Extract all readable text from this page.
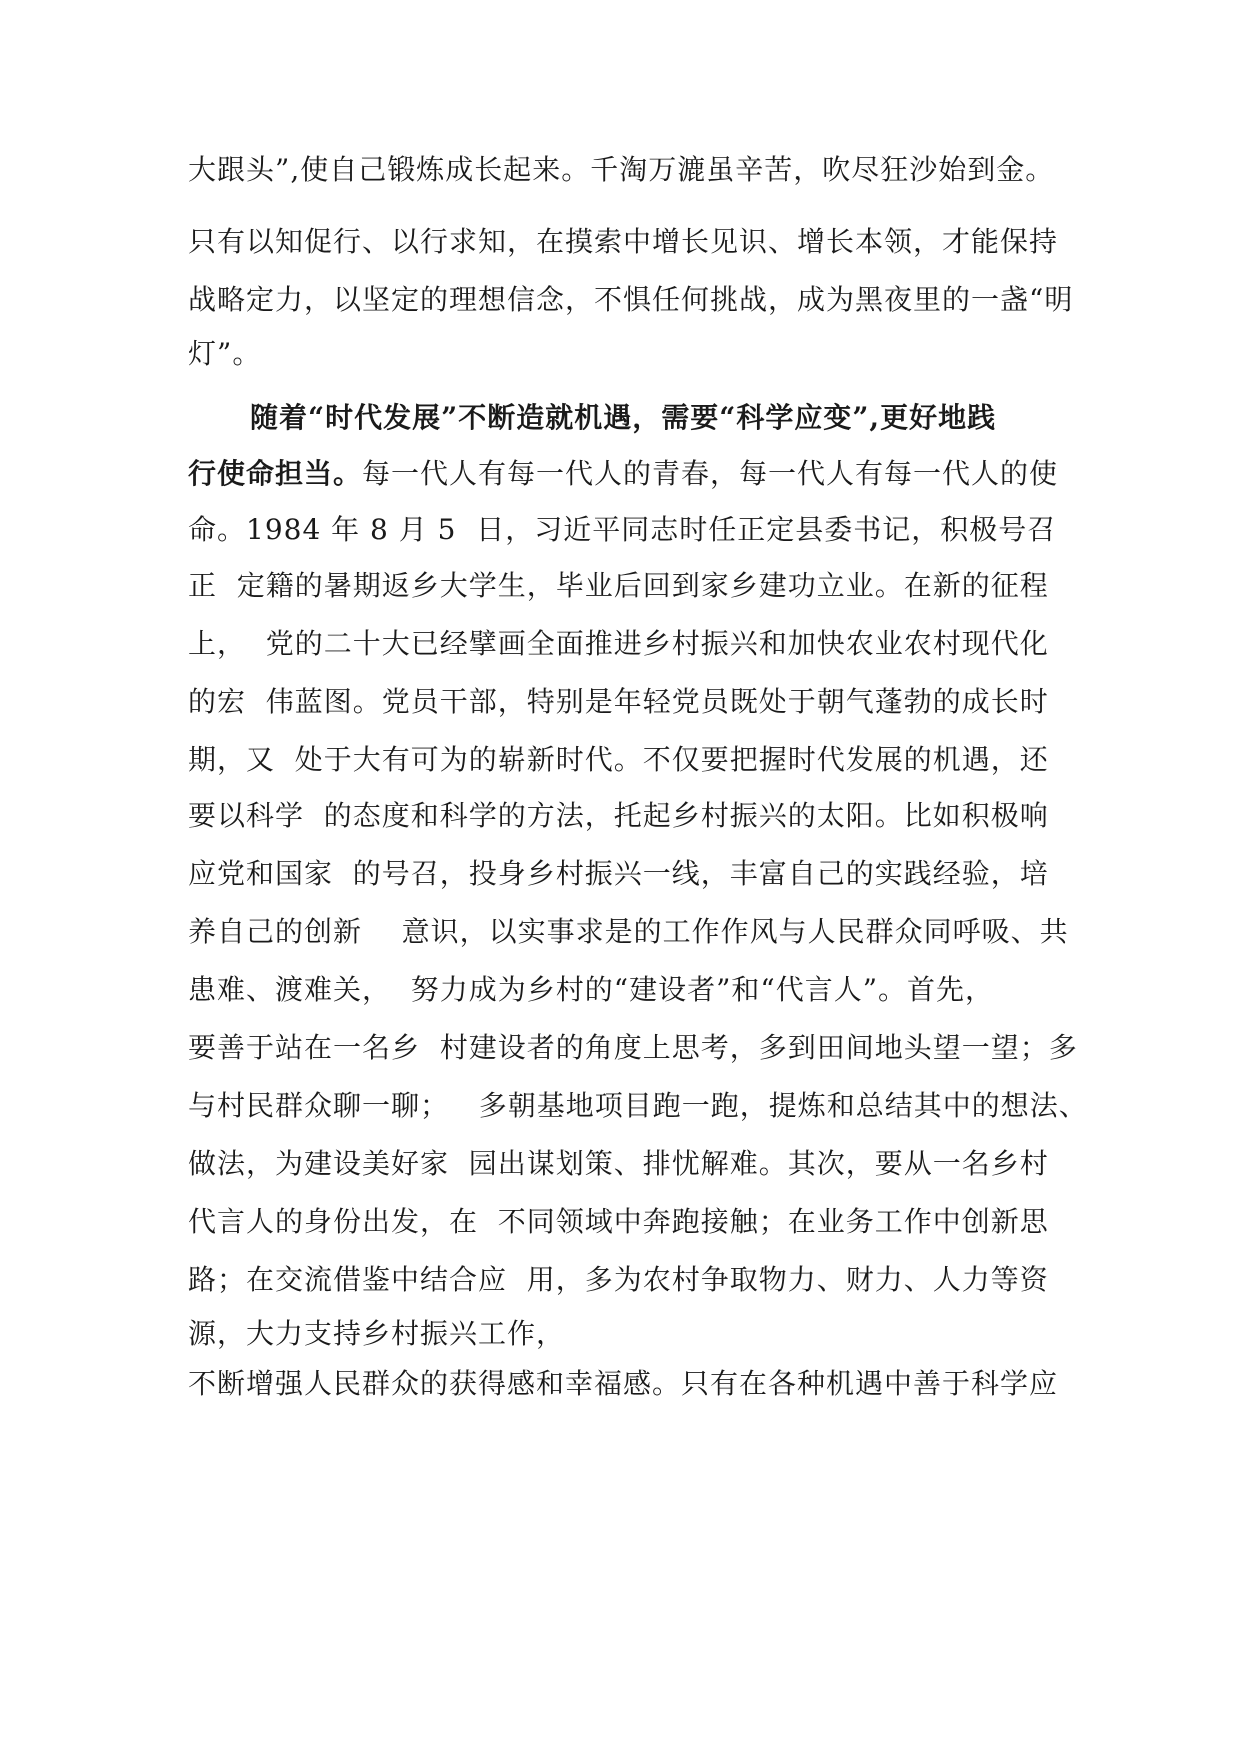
大跟头”,使自己锻炼成长起来。千淘万漉虽辛苦，吹尽狂沙始到金。
只有以知促行、以行求知，在摸索中增长见识、增长本领，才能保持
战略定力，以坚定的理想信念，不惧任何挑战，成为黑夜里的一盏“明
灯”。
随着“时代发展”不断造就机遇，需要“科学应变”,更好地践
行使命担当。每一代人有每一代人的青春，每一代人有每一代人的使
命。1984 年 8 月 5  日，习近平同志时任正定县委书记，积极号召
正  定籍的暑期返乡大学生，毕业后回到家乡建功立业。在新的征程
上，  党的二十大已经擘画全面推进乡村振兴和加快农业农村现代化
的宏  伟蓝图。党员干部，特别是年轻党员既处于朝气蓬勃的成长时
期，又  处于大有可为的崭新时代。不仅要把握时代发展的机遇，还
要以科学  的态度和科学的方法，托起乡村振兴的太阳。比如积极响
应党和国家  的号召，投身乡村振兴一线，丰富自己的实践经验，培
养自己的创新    意识，以实事求是的工作作风与人民群众同呼吸、共
患难、渡难关，  努力成为乡村的“建设者”和“代言人”。首先，
要善于站在一名乡  村建设者的角度上思考，多到田间地头望一望；多
与村民群众聊一聊；   多朝基地项目跑一跑，提炼和总结其中的想法、
做法，为建设美好家  园出谋划策、排忧解难。其次，要从一名乡村
代言人的身份出发，在  不同领域中奔跑接触；在业务工作中创新思
路；在交流借鉴中结合应  用，多为农村争取物力、财力、人力等资
源，大力支持乡村振兴工作，
不断增强人民群众的获得感和幸福感。只有在各种机遇中善于科学应
